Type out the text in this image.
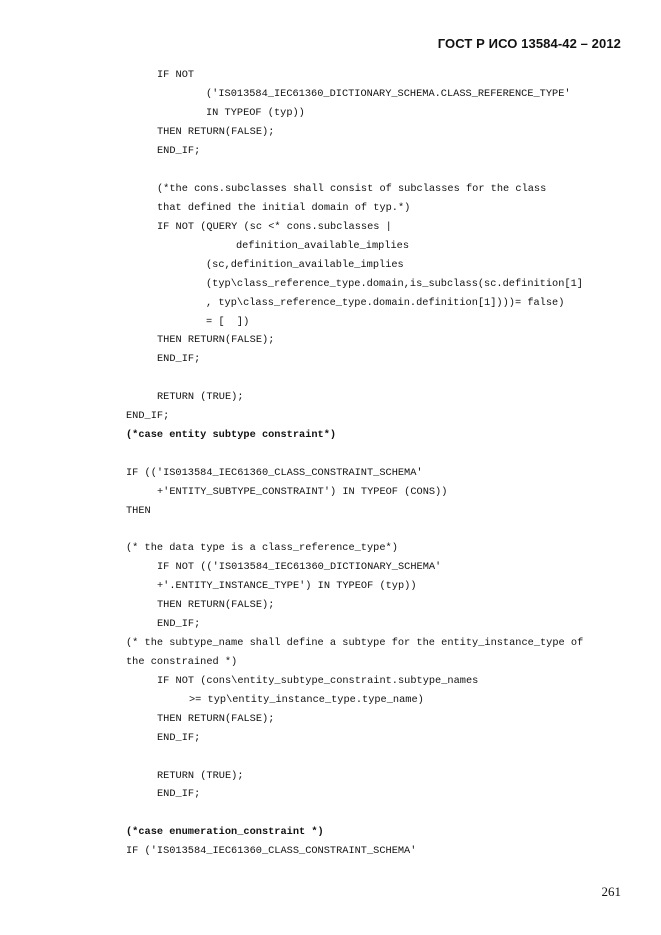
ГОСТ Р ИСО 13584-42 – 2012
IF NOT
('IS013584_IEC61360_DICTIONARY_SCHEMA.CLASS_REFERENCE_TYPE'
IN TYPEOF (typ))
THEN RETURN(FALSE);
END_IF;
(*the cons.subclasses shall consist of subclasses for the class
that defined the initial domain of typ.*)
IF NOT (QUERY (sc <* cons.subclasses |
definition_available_implies
(sc,definition_available_implies
(typ\class_reference_type.domain,is_subclass(sc.definition[1]
, typ\class_reference_type.domain.definition[1])))= false)
= [  ])
THEN RETURN(FALSE);
END_IF;
RETURN (TRUE);
END_IF;
(*case entity subtype constraint*)
IF (('IS013584_IEC61360_CLASS_CONSTRAINT_SCHEMA'
+'ENTITY_SUBTYPE_CONSTRAINT') IN TYPEOF (CONS))
THEN
(* the data type is a class_reference_type*)
IF NOT (('IS013584_IEC61360_DICTIONARY_SCHEMA'
+'.ENTITY_INSTANCE_TYPE') IN TYPEOF (typ))
THEN RETURN(FALSE);
END_IF;
(* the subtype_name shall define a subtype for the entity_instance_type of
the constrained *)
IF NOT (cons\entity_subtype_constraint.subtype_names
>= typ\entity_instance_type.type_name)
THEN RETURN(FALSE);
END_IF;
RETURN (TRUE);
END_IF;
(*case enumeration_constraint *)
IF ('IS013584_IEC61360_CLASS_CONSTRAINT_SCHEMA'
261
